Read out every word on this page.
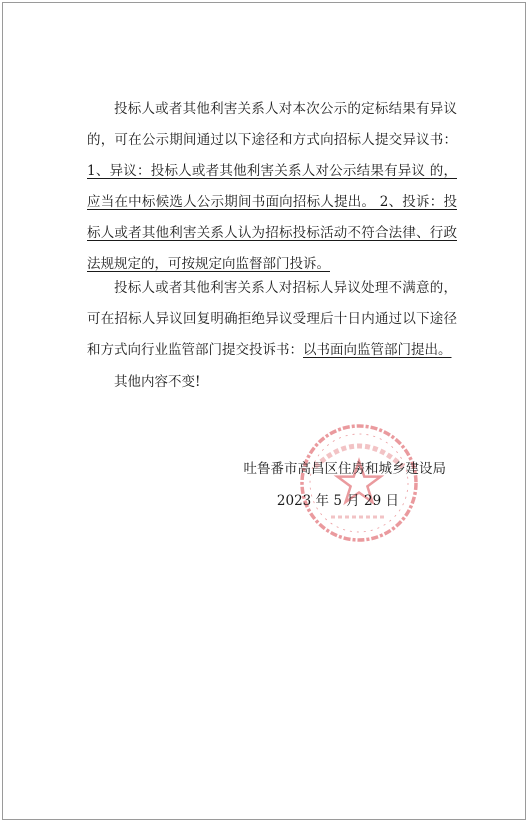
投标人或者其他利害关系人对本次公示的定标结果有异议的，可在公示期间通过以下途径和方式向招标人提交异议书：1、异议：投标人或者其他利害关系人对公示结果有异议 的，应当在中标候选人公示期间书面向招标人提出。 2、投诉：投标人或者其他利害关系人认为招标投标活动不符合法律、行政法规规定的，可按规定向监督部门投诉。

投标人或者其他利害关系人对招标人异议处理不满意的， 可在招标人异议回复明确拒绝异议受理后十日内通过以下途径和方式向行业监管部门提交投诉书：以书面向监管部门提出。

其他内容不变!

吐鲁番市高昌区住房和城乡建设局

2023 年 5 月 29 日
